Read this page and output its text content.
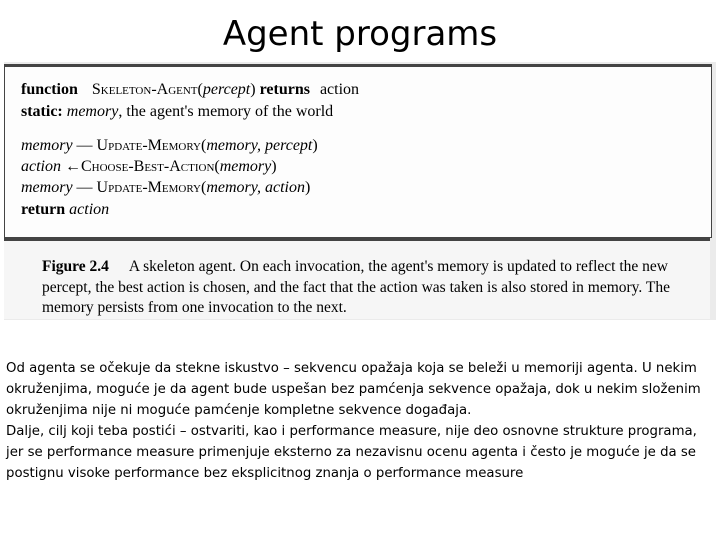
Agent programs
function Skeleton-Agent(percept) returns action
static: memory, the agent's memory of the world
memory — Update-Memory(memory, percept)
action ←Choose-Best-Action(memory)
memory — Update-Memory(memory, action)
return action
Figure 2.4 A skeleton agent. On each invocation, the agent's memory is updated to reflect the new percept, the best action is chosen, and the fact that the action was taken is also stored in memory. The memory persists from one invocation to the next.

Od agenta se očekuje da stekne iskustvo – sekvencu opažaja koja se beleži u memoriji agenta. U nekim okruženjima, moguće je da agent bude uspešan bez pamćenja sekvence opažaja, dok u nekim složenim okruženjima nije ni moguće pamćenje kompletne sekvence događaja.

Dalje, cilj koji teba postići – ostvariti, kao i performance measure, nije deo osnovne strukture programa, jer se performance measure primenjuje eksterno za nezavisnu ocenu agenta i često je moguće je da se postignu visoke performance bez eksplicitnog znanja o performance measure
